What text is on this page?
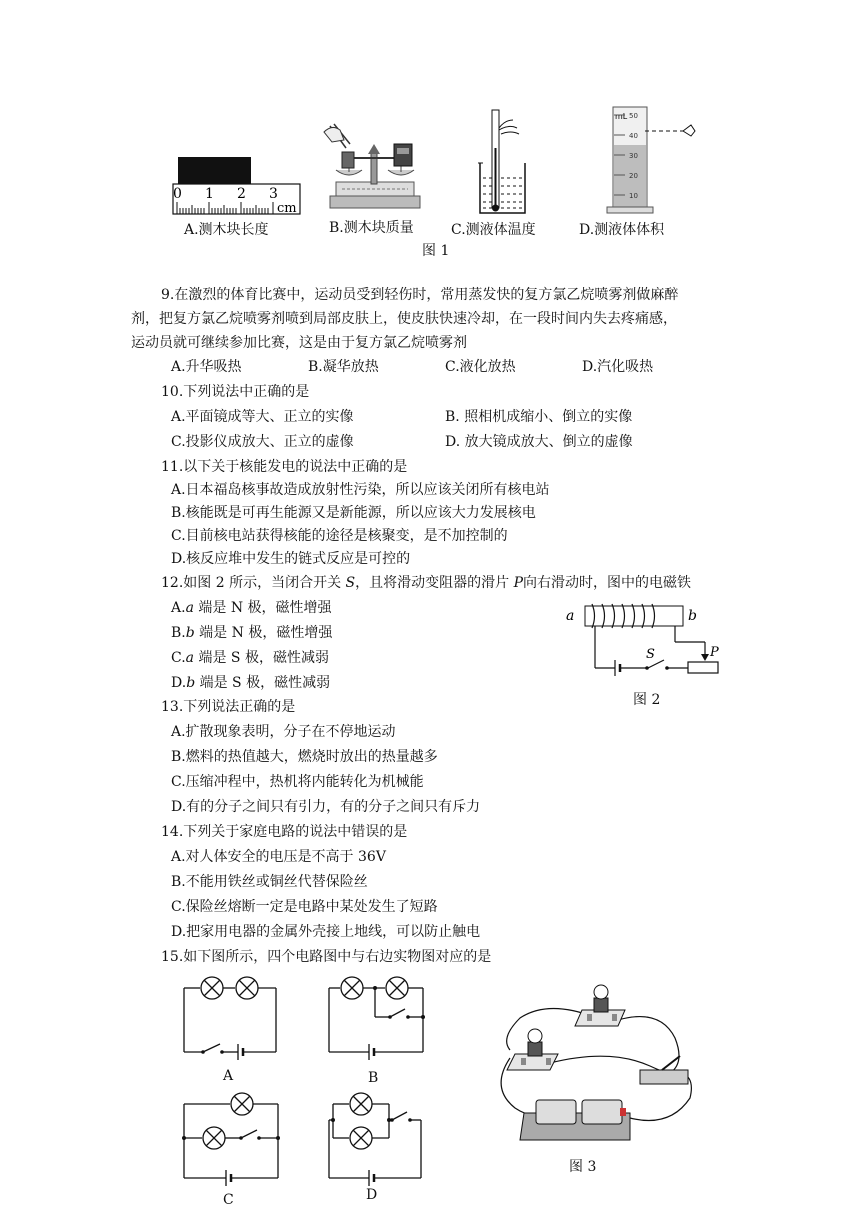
0 1 2 3
cm
mL 50
40
30
20
10
A.测木块长度	B.测木块质量	C.测液体温度	D.测液体体积
图 1
9.在激烈的体育比赛中，运动员受到轻伤时，常用蒸发快的复方氯乙烷喷雾剂做麻醉
剂，把复方氯乙烷喷雾剂喷到局部皮肤上，使皮肤快速冷却，在一段时间内失去疼痛感，
运动员就可继续参加比赛，这是由于复方氯乙烷喷雾剂
A.升华吸热	B.凝华放热	C.液化放热	D.汽化吸热
10.下列说法中正确的是
A.平面镜成等大、正立的实像	B. 照相机成缩小、倒立的实像
C.投影仪成放大、正立的虚像	D. 放大镜成放大、倒立的虚像
11.以下关于核能发电的说法中正确的是
A.日本福岛核事故造成放射性污染，所以应该关闭所有核电站
B.核能既是可再生能源又是新能源，所以应该大力发展核电
C.目前核电站获得核能的途径是核聚变，是不加控制的
D.核反应堆中发生的链式反应是可控的
12.如图 2 所示，当闭合开关 S，且将滑动变阻器的滑片 P向右滑动时，图中的电磁铁
A.a 端是 N 极，磁性增强
B.b 端是 N 极，磁性增强
C.a 端是 S 极，磁性减弱
D.b 端是 S 极，磁性减弱
a	b
S	P
图 2
13.下列说法正确的是
A.扩散现象表明，分子在不停地运动
B.燃料的热值越大，燃烧时放出的热量越多
C.压缩冲程中，热机将内能转化为机械能
D.有的分子之间只有引力，有的分子之间只有斥力
14.下列关于家庭电路的说法中错误的是
A.对人体安全的电压是不高于 36V
B.不能用铁丝或铜丝代替保险丝
C.保险丝熔断一定是电路中某处发生了短路
D.把家用电器的金属外壳接上地线，可以防止触电
15.如下图所示，四个电路图中与右边实物图对应的是
A	B
C	D
图 3
